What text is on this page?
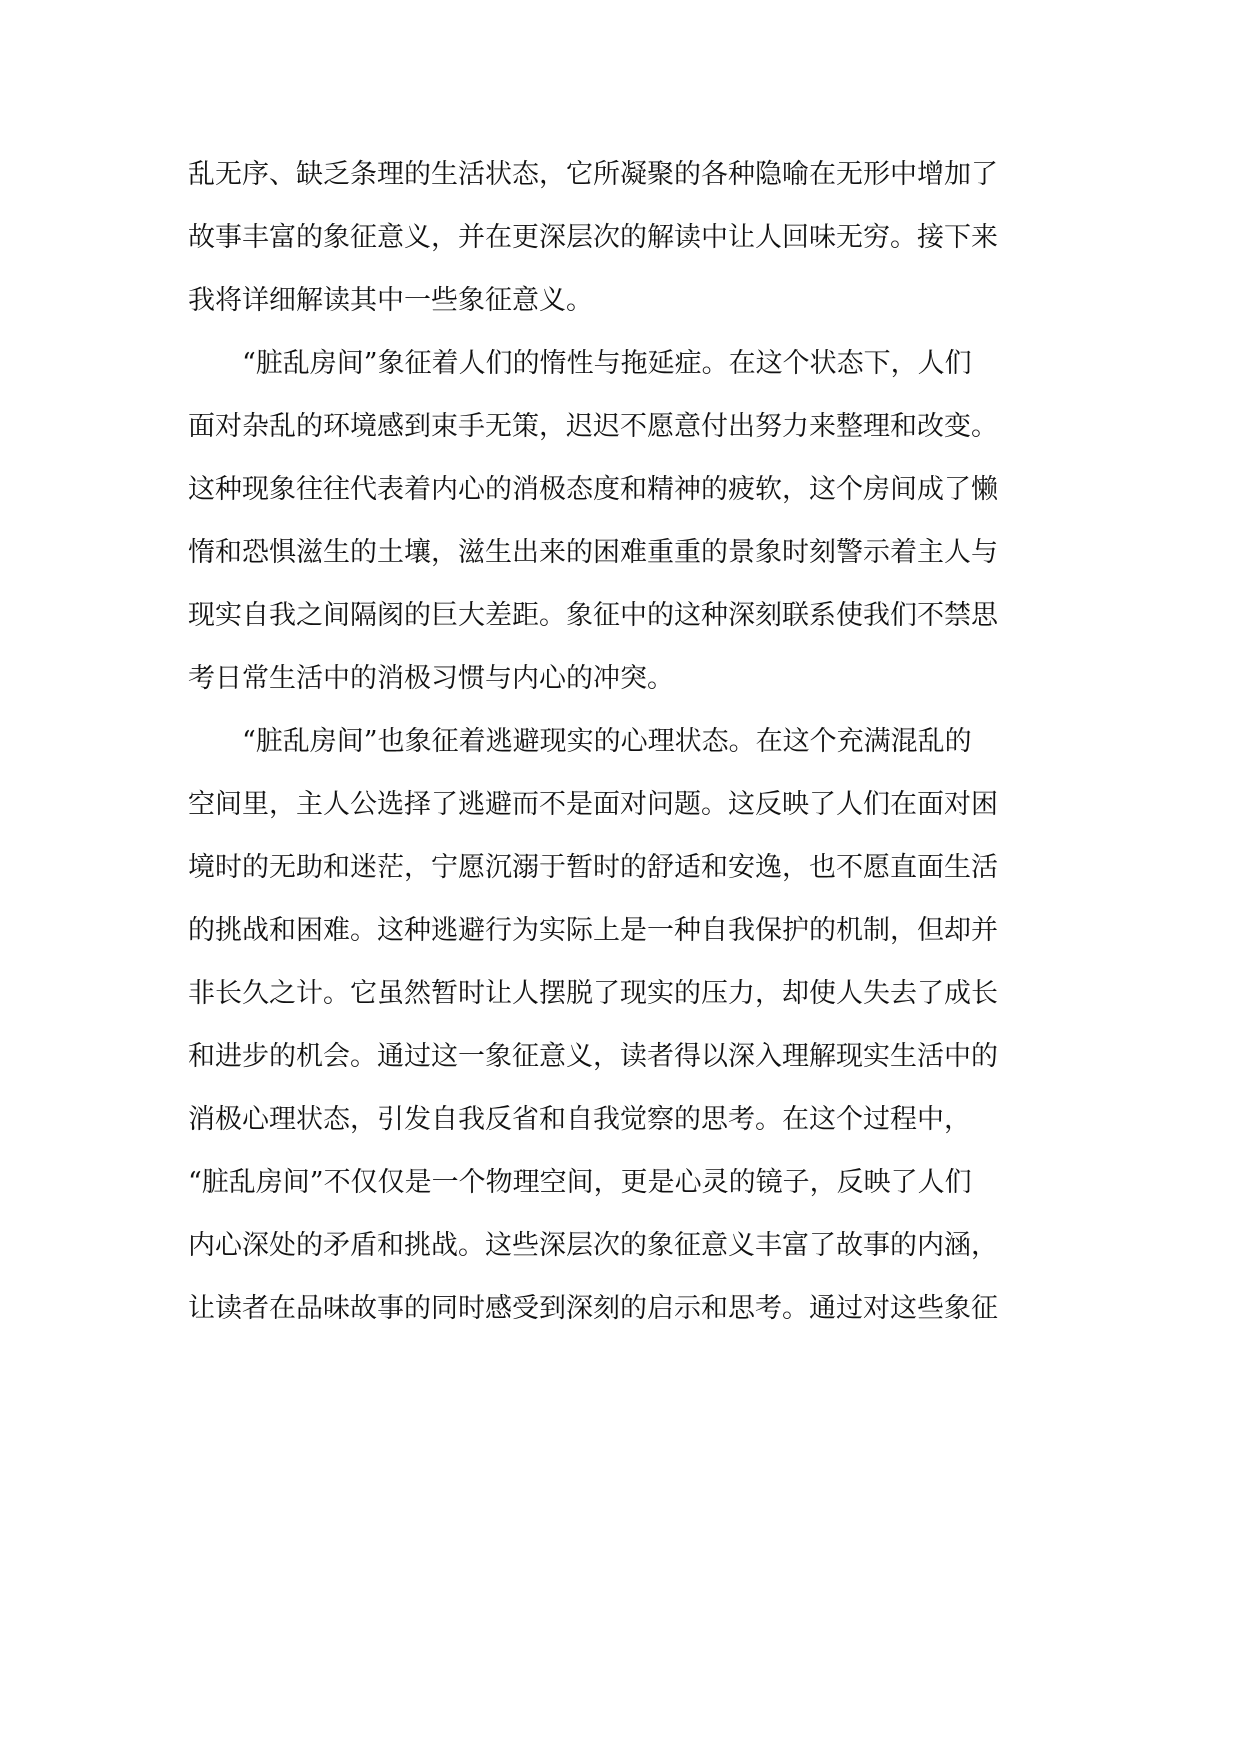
乱无序、缺乏条理的生活状态，它所凝聚的各种隐喻在无形中增加了
故事丰富的象征意义，并在更深层次的解读中让人回味无穷。接下来
我将详细解读其中一些象征意义。
　　“脏乱房间”象征着人们的惰性与拖延症。在这个状态下，人们
面对杂乱的环境感到束手无策，迟迟不愿意付出努力来整理和改变。
这种现象往往代表着内心的消极态度和精神的疲软，这个房间成了懒
惰和恐惧滋生的土壤，滋生出来的困难重重的景象时刻警示着主人与
现实自我之间隔阂的巨大差距。象征中的这种深刻联系使我们不禁思
考日常生活中的消极习惯与内心的冲突。
　　“脏乱房间”也象征着逃避现实的心理状态。在这个充满混乱的
空间里，主人公选择了逃避而不是面对问题。这反映了人们在面对困
境时的无助和迷茫，宁愿沉溺于暂时的舒适和安逸，也不愿直面生活
的挑战和困难。这种逃避行为实际上是一种自我保护的机制，但却并
非长久之计。它虽然暂时让人摆脱了现实的压力，却使人失去了成长
和进步的机会。通过这一象征意义，读者得以深入理解现实生活中的
消极心理状态，引发自我反省和自我觉察的思考。在这个过程中，
“脏乱房间”不仅仅是一个物理空间，更是心灵的镜子，反映了人们
内心深处的矛盾和挑战。这些深层次的象征意义丰富了故事的内涵，
让读者在品味故事的同时感受到深刻的启示和思考。通过对这些象征
